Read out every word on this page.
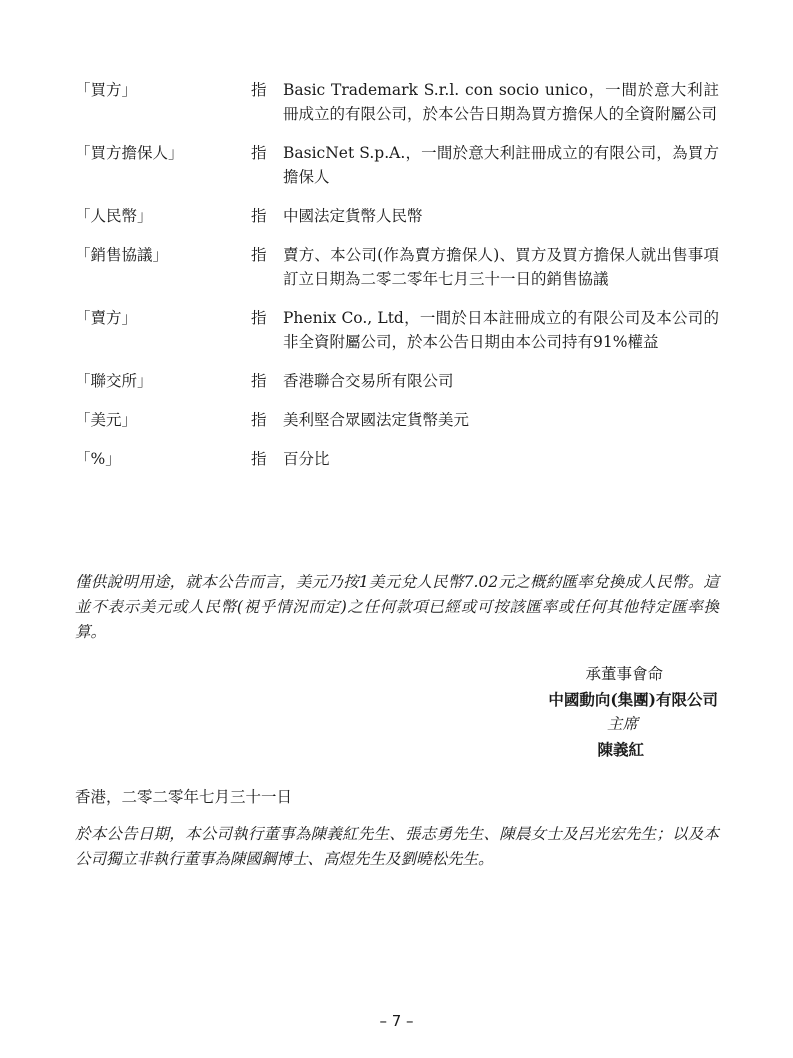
「買方」	指	Basic Trademark S.r.l. con socio unico，一間於意大利註冊成立的有限公司，於本公告日期為買方擔保人的全資附屬公司
「買方擔保人」	指	BasicNet S.p.A.，一間於意大利註冊成立的有限公司，為買方擔保人
「人民幣」	指	中國法定貨幣人民幣
「銷售協議」	指	賣方、本公司(作為賣方擔保人)、買方及買方擔保人就出售事項訂立日期為二零二零年七月三十一日的銷售協議
「賣方」	指	Phenix Co., Ltd，一間於日本註冊成立的有限公司及本公司的非全資附屬公司，於本公告日期由本公司持有91%權益
「聯交所」	指	香港聯合交易所有限公司
「美元」	指	美利堅合眾國法定貨幣美元
「%」	指	百分比

僅供說明用途，就本公告而言，美元乃按1美元兌人民幣7.02元之概約匯率兌換成人民幣。這並不表示美元或人民幣(視乎情況而定)之任何款項已經或可按該匯率或任何其他特定匯率換算。

承董事會命
中國動向(集團)有限公司
主席
陳義紅
香港，二零二零年七月三十一日

於本公告日期，本公司執行董事為陳義紅先生、張志勇先生、陳晨女士及呂光宏先生；以及本公司獨立非執行董事為陳國鋼博士、高煜先生及劉曉松先生。

– 7 –
